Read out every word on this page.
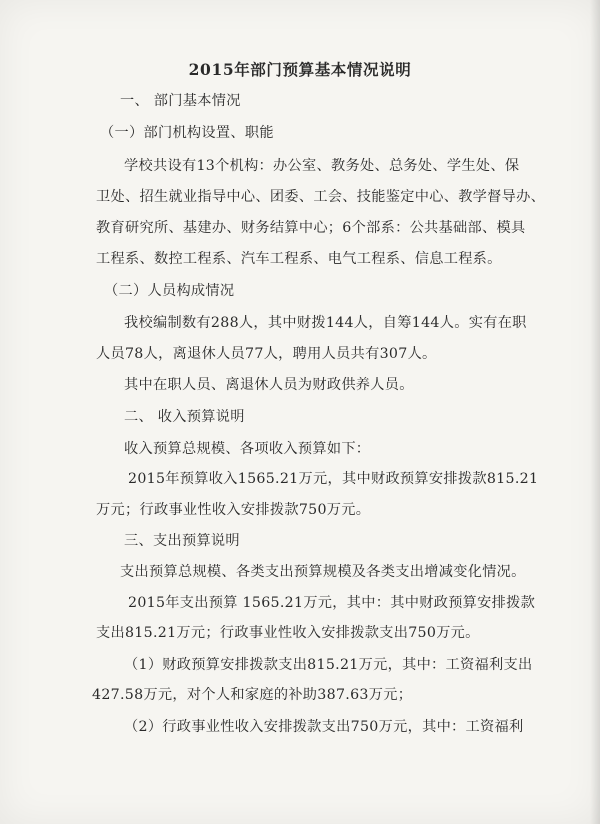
2015年部门预算基本情况说明
一、 部门基本情况
（一）部门机构设置、职能
学校共设有13个机构：办公室、教务处、总务处、学生处、保
卫处、招生就业指导中心、团委、工会、技能鉴定中心、教学督导办、
教育研究所、基建办、财务结算中心；6个部系：公共基础部、模具
工程系、数控工程系、汽车工程系、电气工程系、信息工程系。
（二）人员构成情况
我校编制数有288人，其中财拨144人，自筹144人。实有在职
人员78人，离退休人员77人，聘用人员共有307人。
其中在职人员、离退休人员为财政供养人员。
二、 收入预算说明
收入预算总规模、各项收入预算如下：
2015年预算收入1565.21万元，其中财政预算安排拨款815.21
万元；行政事业性收入安排拨款750万元。
三、支出预算说明
支出预算总规模、各类支出预算规模及各类支出增减变化情况。
2015年支出预算 1565.21万元，其中：其中财政预算安排拨款
支出815.21万元；行政事业性收入安排拨款支出750万元。
（1）财政预算安排拨款支出815.21万元，其中：工资福利支出
427.58万元，对个人和家庭的补助387.63万元；
（2）行政事业性收入安排拨款支出750万元，其中：工资福利
